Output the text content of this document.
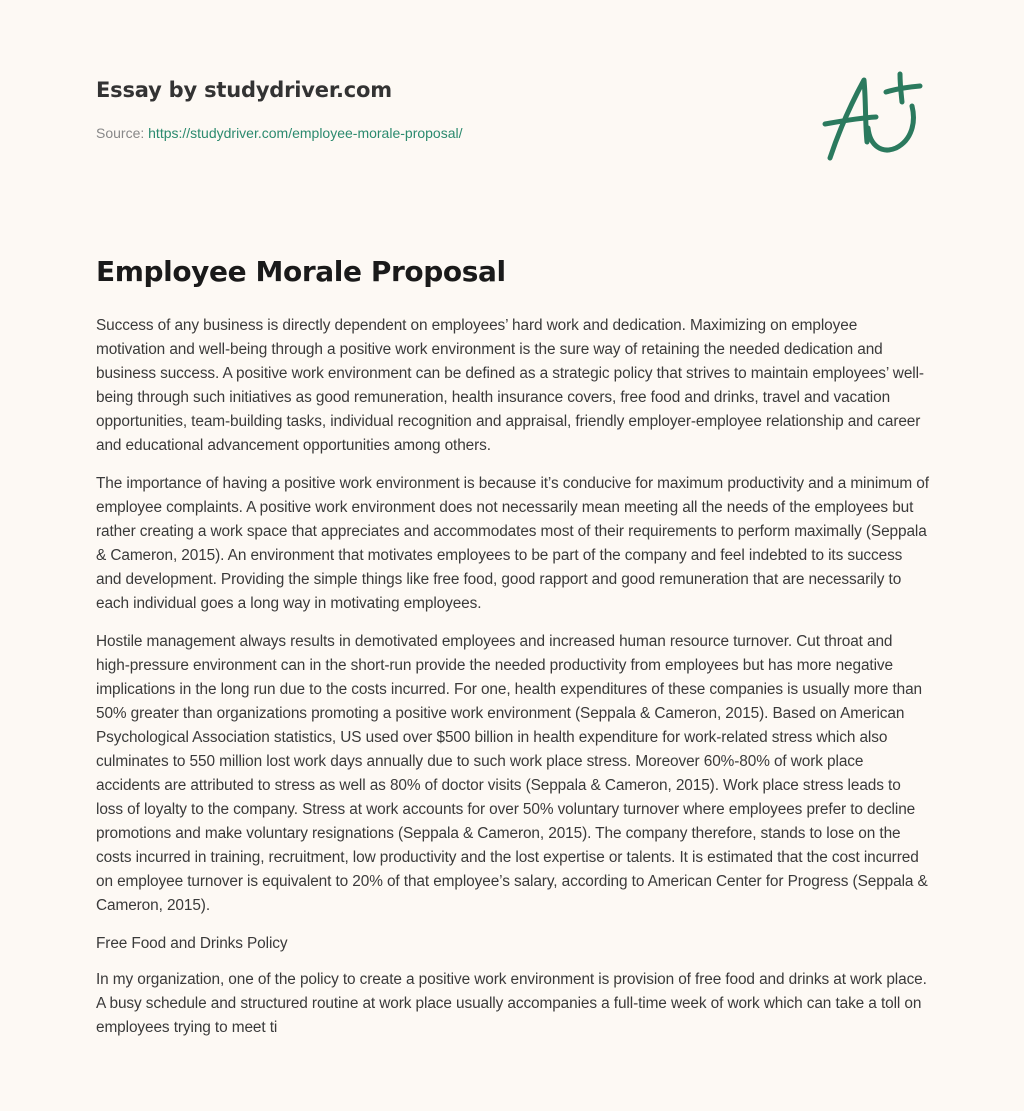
Essay by studydriver.com
Source: https://studydriver.com/employee-morale-proposal/
Employee Morale Proposal

Success of any business is directly dependent on employees’ hard work and dedication. Maximizing on employee motivation and well-being through a positive work environment is the sure way of retaining the needed dedication and business success. A positive work environment can be defined as a strategic policy that strives to maintain employees’ well-being through such initiatives as good remuneration, health insurance covers, free food and drinks, travel and vacation opportunities, team-building tasks, individual recognition and appraisal, friendly employer-employee relationship and career and educational advancement opportunities among others.

The importance of having a positive work environment is because it’s conducive for maximum productivity and a minimum of employee complaints. A positive work environment does not necessarily mean meeting all the needs of the employees but rather creating a work space that appreciates and accommodates most of their requirements to perform maximally (Seppala & Cameron, 2015). An environment that motivates employees to be part of the company and feel indebted to its success and development. Providing the simple things like free food, good rapport and good remuneration that are necessarily to each individual goes a long way in motivating employees.

Hostile management always results in demotivated employees and increased human resource turnover. Cut throat and high-pressure environment can in the short-run provide the needed productivity from employees but has more negative implications in the long run due to the costs incurred. For one, health expenditures of these companies is usually more than 50% greater than organizations promoting a positive work environment (Seppala & Cameron, 2015). Based on American Psychological Association statistics, US used over $500 billion in health expenditure for work-related stress which also culminates to 550 million lost work days annually due to such work place stress. Moreover 60%-80% of work place accidents are attributed to stress as well as 80% of doctor visits (Seppala & Cameron, 2015). Work place stress leads to loss of loyalty to the company. Stress at work accounts for over 50% voluntary turnover where employees prefer to decline promotions and make voluntary resignations (Seppala & Cameron, 2015). The company therefore, stands to lose on the costs incurred in training, recruitment, low productivity and the lost expertise or talents. It is estimated that the cost incurred on employee turnover is equivalent to 20% of that employee’s salary, according to American Center for Progress (Seppala & Cameron, 2015).

Free Food and Drinks Policy

In my organization, one of the policy to create a positive work environment is provision of free food and drinks at work place. A busy schedule and structured routine at work place usually accompanies a full-time week of work which can take a toll on employees trying to meet ti
